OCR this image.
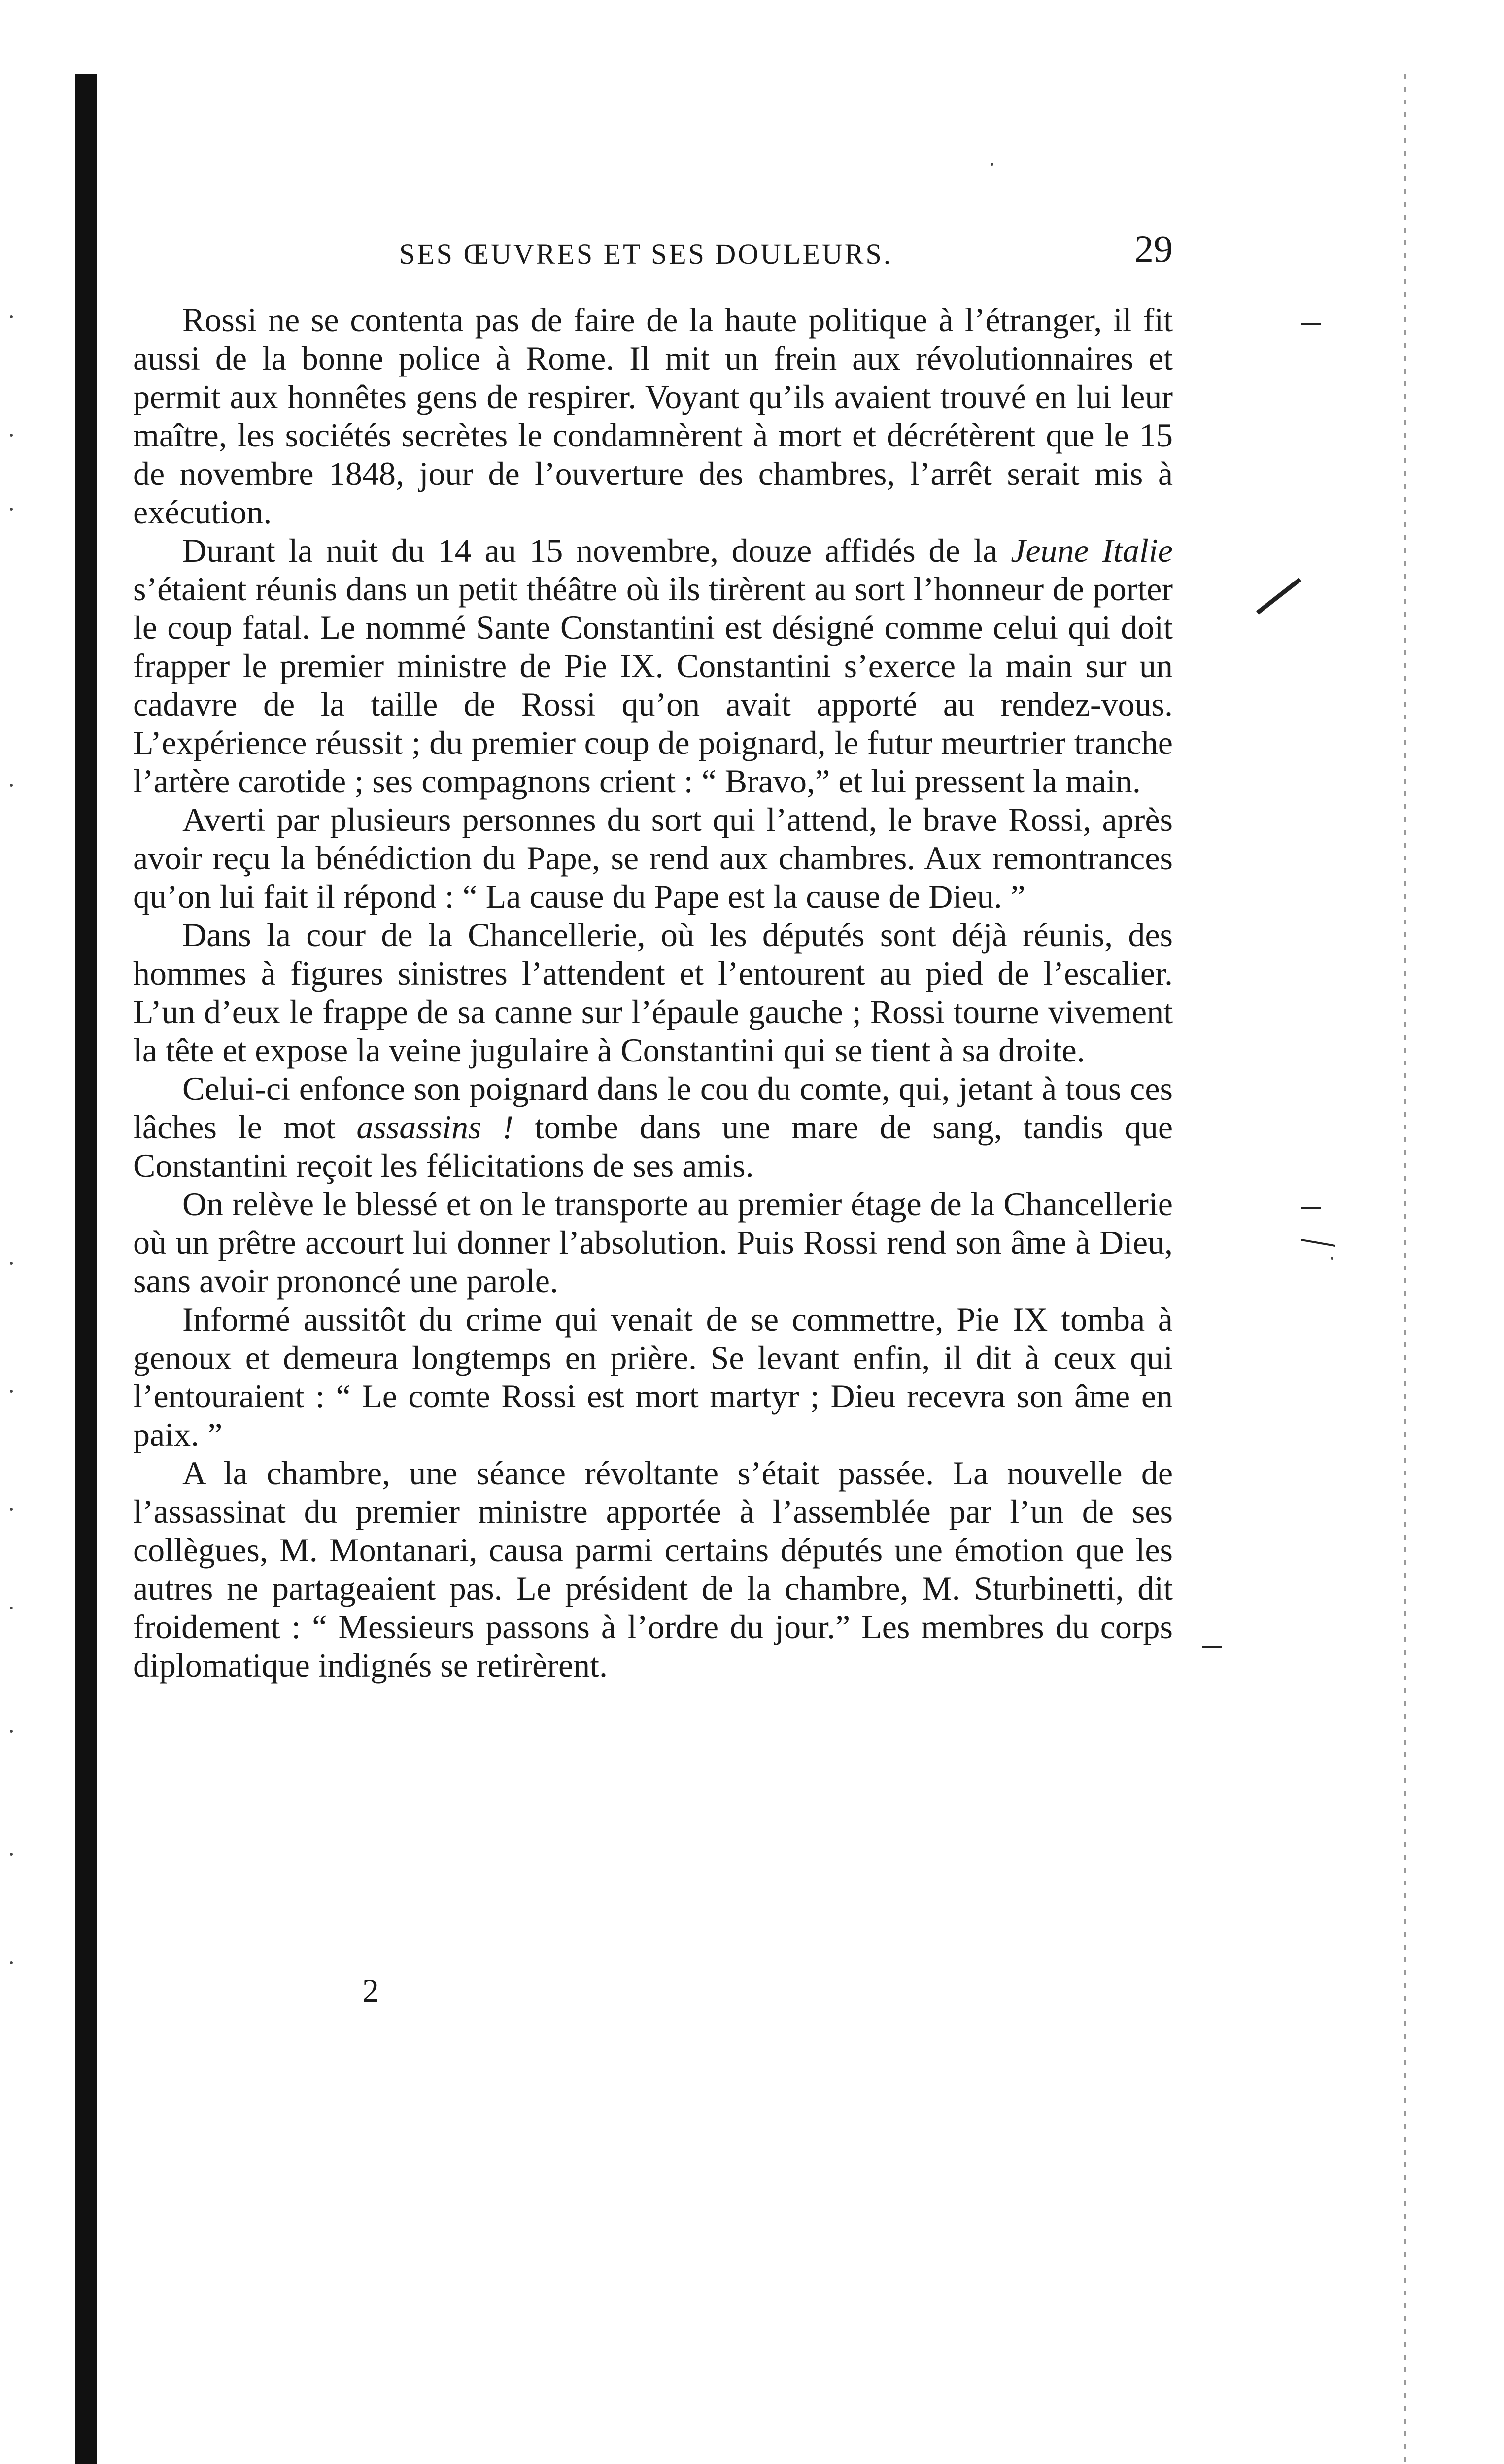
SES ŒUVRES ET SES DOULEURS.	29

Rossi ne se contenta pas de faire de la haute politique à l’étranger, il fit aussi de la bonne police à Rome. Il mit un frein aux révolutionnaires et permit aux honnêtes gens de respirer. Voyant qu’ils avaient trouvé en lui leur maître, les sociétés secrètes le condamnèrent à mort et décrétèrent que le 15 de novembre 1848, jour de l’ouverture des chambres, l’arrêt serait mis à exécution.

Durant la nuit du 14 au 15 novembre, douze affidés de la Jeune Italie s’étaient réunis dans un petit théâtre où ils tirèrent au sort l’honneur de porter le coup fatal. Le nommé Sante Constantini est désigné comme celui qui doit frapper le premier ministre de Pie IX. Constantini s’exerce la main sur un cadavre de la taille de Rossi qu’on avait apporté au rendez-vous. L’expérience réussit ; du premier coup de poignard, le futur meurtrier tranche l’artère carotide ; ses compagnons crient : “ Bravo,” et lui pressent la main.

Averti par plusieurs personnes du sort qui l’attend, le brave Rossi, après avoir reçu la bénédiction du Pape, se rend aux chambres. Aux remontrances qu’on lui fait il répond : “ La cause du Pape est la cause de Dieu. ”

Dans la cour de la Chancellerie, où les députés sont déjà réunis, des hommes à figures sinistres l’attendent et l’entourent au pied de l’escalier. L’un d’eux le frappe de sa canne sur l’épaule gauche ; Rossi tourne vivement la tête et expose la veine jugulaire à Constantini qui se tient à sa droite.

Celui-ci enfonce son poignard dans le cou du comte, qui, jetant à tous ces lâches le mot assassins ! tombe dans une mare de sang, tandis que Constantini reçoit les félicitations de ses amis.

On relève le blessé et on le transporte au premier étage de la Chancellerie où un prêtre accourt lui donner l’absolution. Puis Rossi rend son âme à Dieu, sans avoir prononcé une parole.

Informé aussitôt du crime qui venait de se commettre, Pie IX tomba à genoux et demeura longtemps en prière. Se levant enfin, il dit à ceux qui l’entouraient : “ Le comte Rossi est mort martyr ; Dieu recevra son âme en paix. ”

A la chambre, une séance révoltante s’était passée. La nouvelle de l’assassinat du premier ministre apportée à l’assemblée par l’un de ses collègues, M. Montanari, causa parmi certains députés une émotion que les autres ne partageaient pas. Le président de la chambre, M. Sturbinetti, dit froidement : “ Messieurs passons à l’ordre du jour.” Les membres du corps diplomatique indignés se retirèrent.

2
